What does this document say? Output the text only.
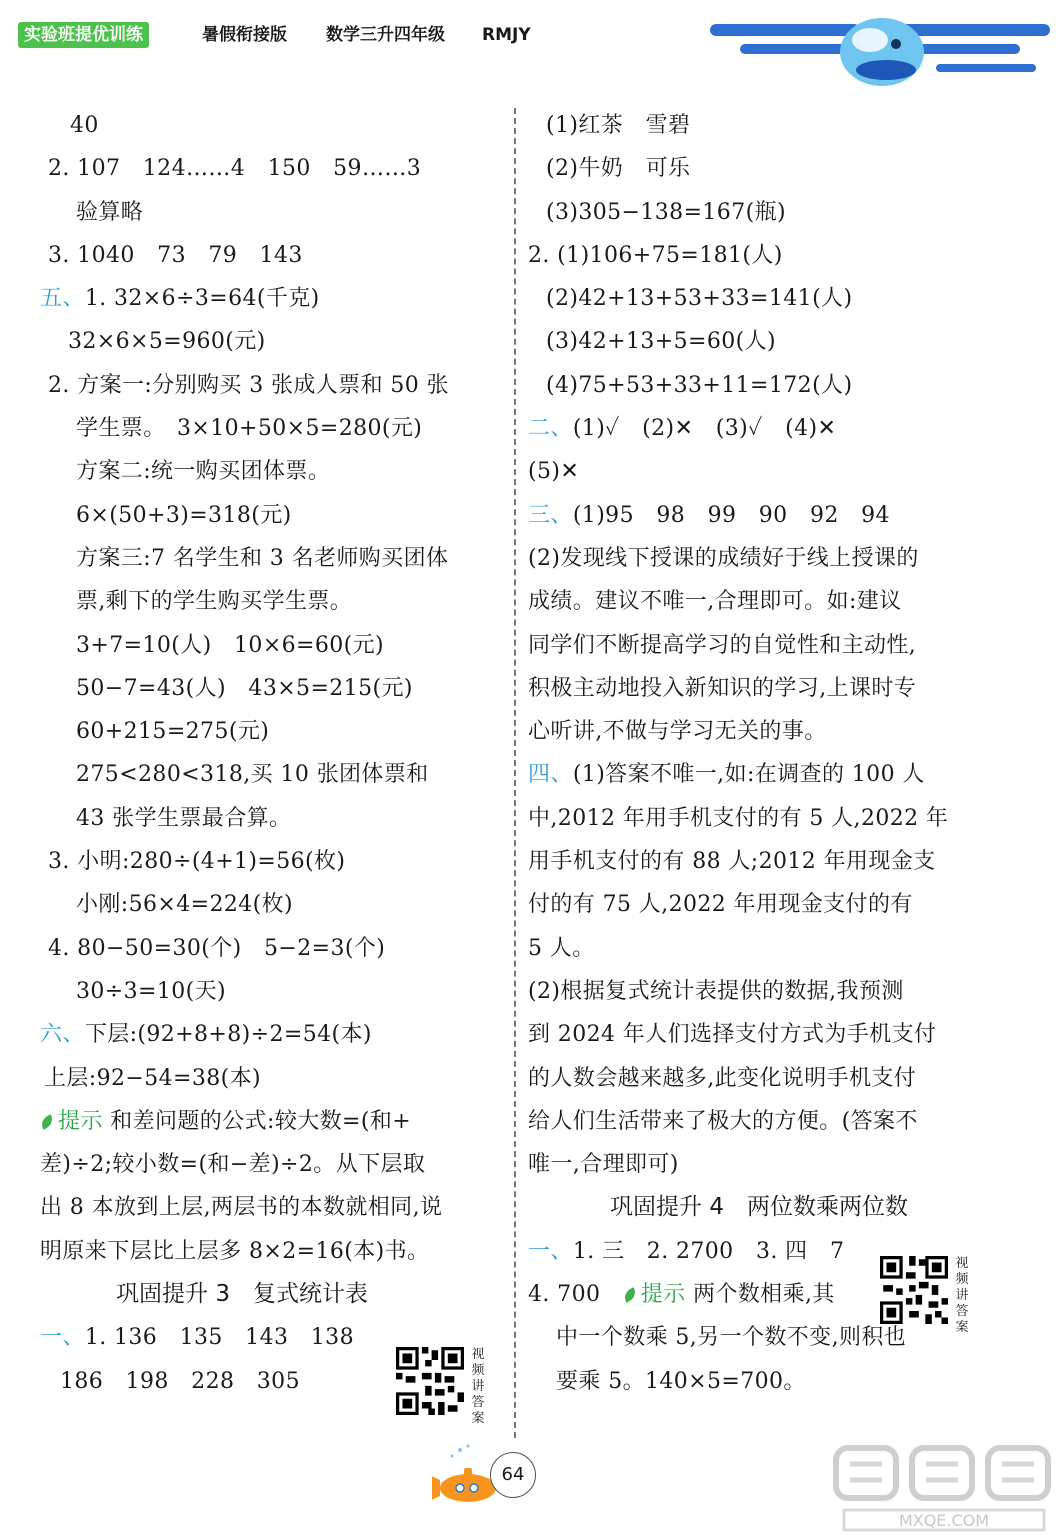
实验班提优训练	暑假衔接版 数学三升四年级 RMJY
40
2. 107　124……4　150　59……3
验算略
3. 1040　73　79　143
五、1. 32×6÷3=64(千克)
32×6×5=960(元)
2. 方案一:分别购买 3 张成人票和 50 张
学生票。　3×10+50×5=280(元)
方案二:统一购买团体票。
6×(50+3)=318(元)
方案三:7 名学生和 3 名老师购买团体
票,剩下的学生购买学生票。
3+7=10(人)　10×6=60(元)
50−7=43(人)　43×5=215(元)
60+215=275(元)
275<280<318,买 10 张团体票和
43 张学生票最合算。
3. 小明:280÷(4+1)=56(枚)
小刚:56×4=224(枚)
4. 80−50=30(个)　5−2=3(个)
30÷3=10(天)
六、下层:(92+8+8)÷2=54(本)
上层:92−54=38(本)
提示 和差问题的公式:较大数=(和+
差)÷2;较小数=(和−差)÷2。从下层取
出 8 本放到上层,两层书的本数就相同,说
明原来下层比上层多 8×2=16(本)书。
巩固提升 3　复式统计表
一、1. 136　135　143　138
186　198　228　305
(1)红茶　雪碧
(2)牛奶　可乐
(3)305−138=167(瓶)
2. (1)106+75=181(人)
(2)42+13+53+33=141(人)
(3)42+13+5=60(人)
(4)75+53+33+11=172(人)
二、(1)✓　(2)✕　(3)✓　(4)✕
(5)✕
三、(1)95　98　99　90　92　94
(2)发现线下授课的成绩好于线上授课的
成绩。建议不唯一,合理即可。如:建议
同学们不断提高学习的自觉性和主动性,
积极主动地投入新知识的学习,上课时专
心听讲,不做与学习无关的事。
四、(1)答案不唯一,如:在调查的 100 人
中,2012 年用手机支付的有 5 人,2022 年
用手机支付的有 88 人;2012 年用现金支
付的有 75 人,2022 年用现金支付的有
5 人。
(2)根据复式统计表提供的数据,我预测
到 2024 年人们选择支付方式为手机支付
的人数会越来越多,此变化说明手机支付
给人们生活带来了极大的方便。(答案不
唯一,合理即可)
巩固提升 4　两位数乘两位数
一、1. 三　2. 2700　3. 四　7
4. 700　提示 两个数相乘,其
中一个数乘 5,另一个数不变,则积也
要乘 5。140×5=700。
视频讲答案
视频讲答案
64
MXQE.COM
